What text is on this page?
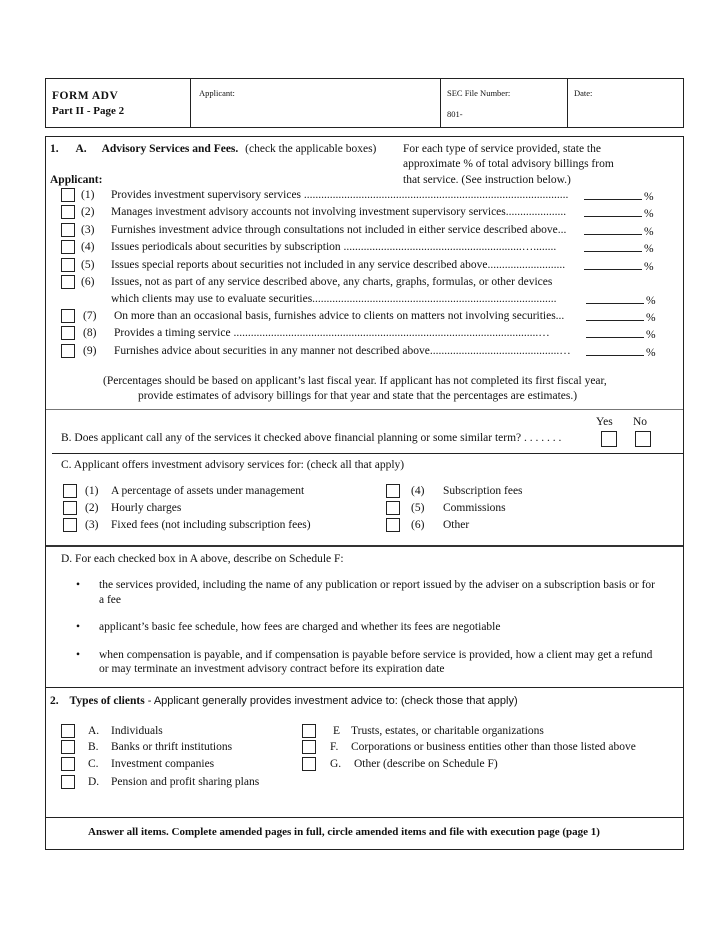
FORM ADV
Part II - Page 2
Applicant:	SEC File Number:
801-
Date:
1. A. Advisory Services and Fees. (check the applicable boxes) For each type of service provided, state the
approximate % of total advisory billings from
Applicant:	that service. (See instruction below.)
(1) Provides investment supervisory services ............................................................................................	%
(2) Manages investment advisory accounts not involving investment supervisory services.....................	%
(3) Furnishes investment advice through consultations not included in either service described above...	%
(4) Issues periodicals about securities by subscription ..............................................................…........	%
(5) Issues special reports about securities not included in any service described above...........................	%
(6) Issues, not as part of any service described above, any charts, graphs, formulas, or other devices
which clients may use to evaluate securities.....................................................................................	%
(7) On more than an occasional basis, furnishes advice to clients on matters not involving securities...	%
(8) Provides a timing service ..........................................................................................................…	%
(9) Furnishes advice about securities in any manner not described above.............................................…	%
(Percentages should be based on applicant’s last fiscal year. If applicant has not completed its first fiscal year,
provide estimates of advisory billings for that year and state that the percentages are estimates.)
Yes No
B. Does applicant call any of the services it checked above financial planning or some similar term? . . . . . . .
C. Applicant offers investment advisory services for: (check all that apply)
(1) A percentage of assets under management
(2) Hourly charges
(3) Fixed fees (not including subscription fees)
(4) Subscription fees
(5) Commissions
(6) Other
D. For each checked box in A above, describe on Schedule F:
• the services provided, including the name of any publication or report issued by the adviser on a subscription basis or for
a fee
• applicant’s basic fee schedule, how fees are charged and whether its fees are negotiable
• when compensation is payable, and if compensation is payable before service is provided, how a client may get a refund
or may terminate an investment advisory contract before its expiration date
2. Types of clients - Applicant generally provides investment advice to: (check those that apply)
A. Individuals
B. Banks or thrift institutions
C. Investment companies
D. Pension and profit sharing plans
E Trusts, estates, or charitable organizations
F. Corporations or business entities other than those listed above
G. Other (describe on Schedule F)
Answer all items. Complete amended pages in full, circle amended items and file with execution page (page 1)
